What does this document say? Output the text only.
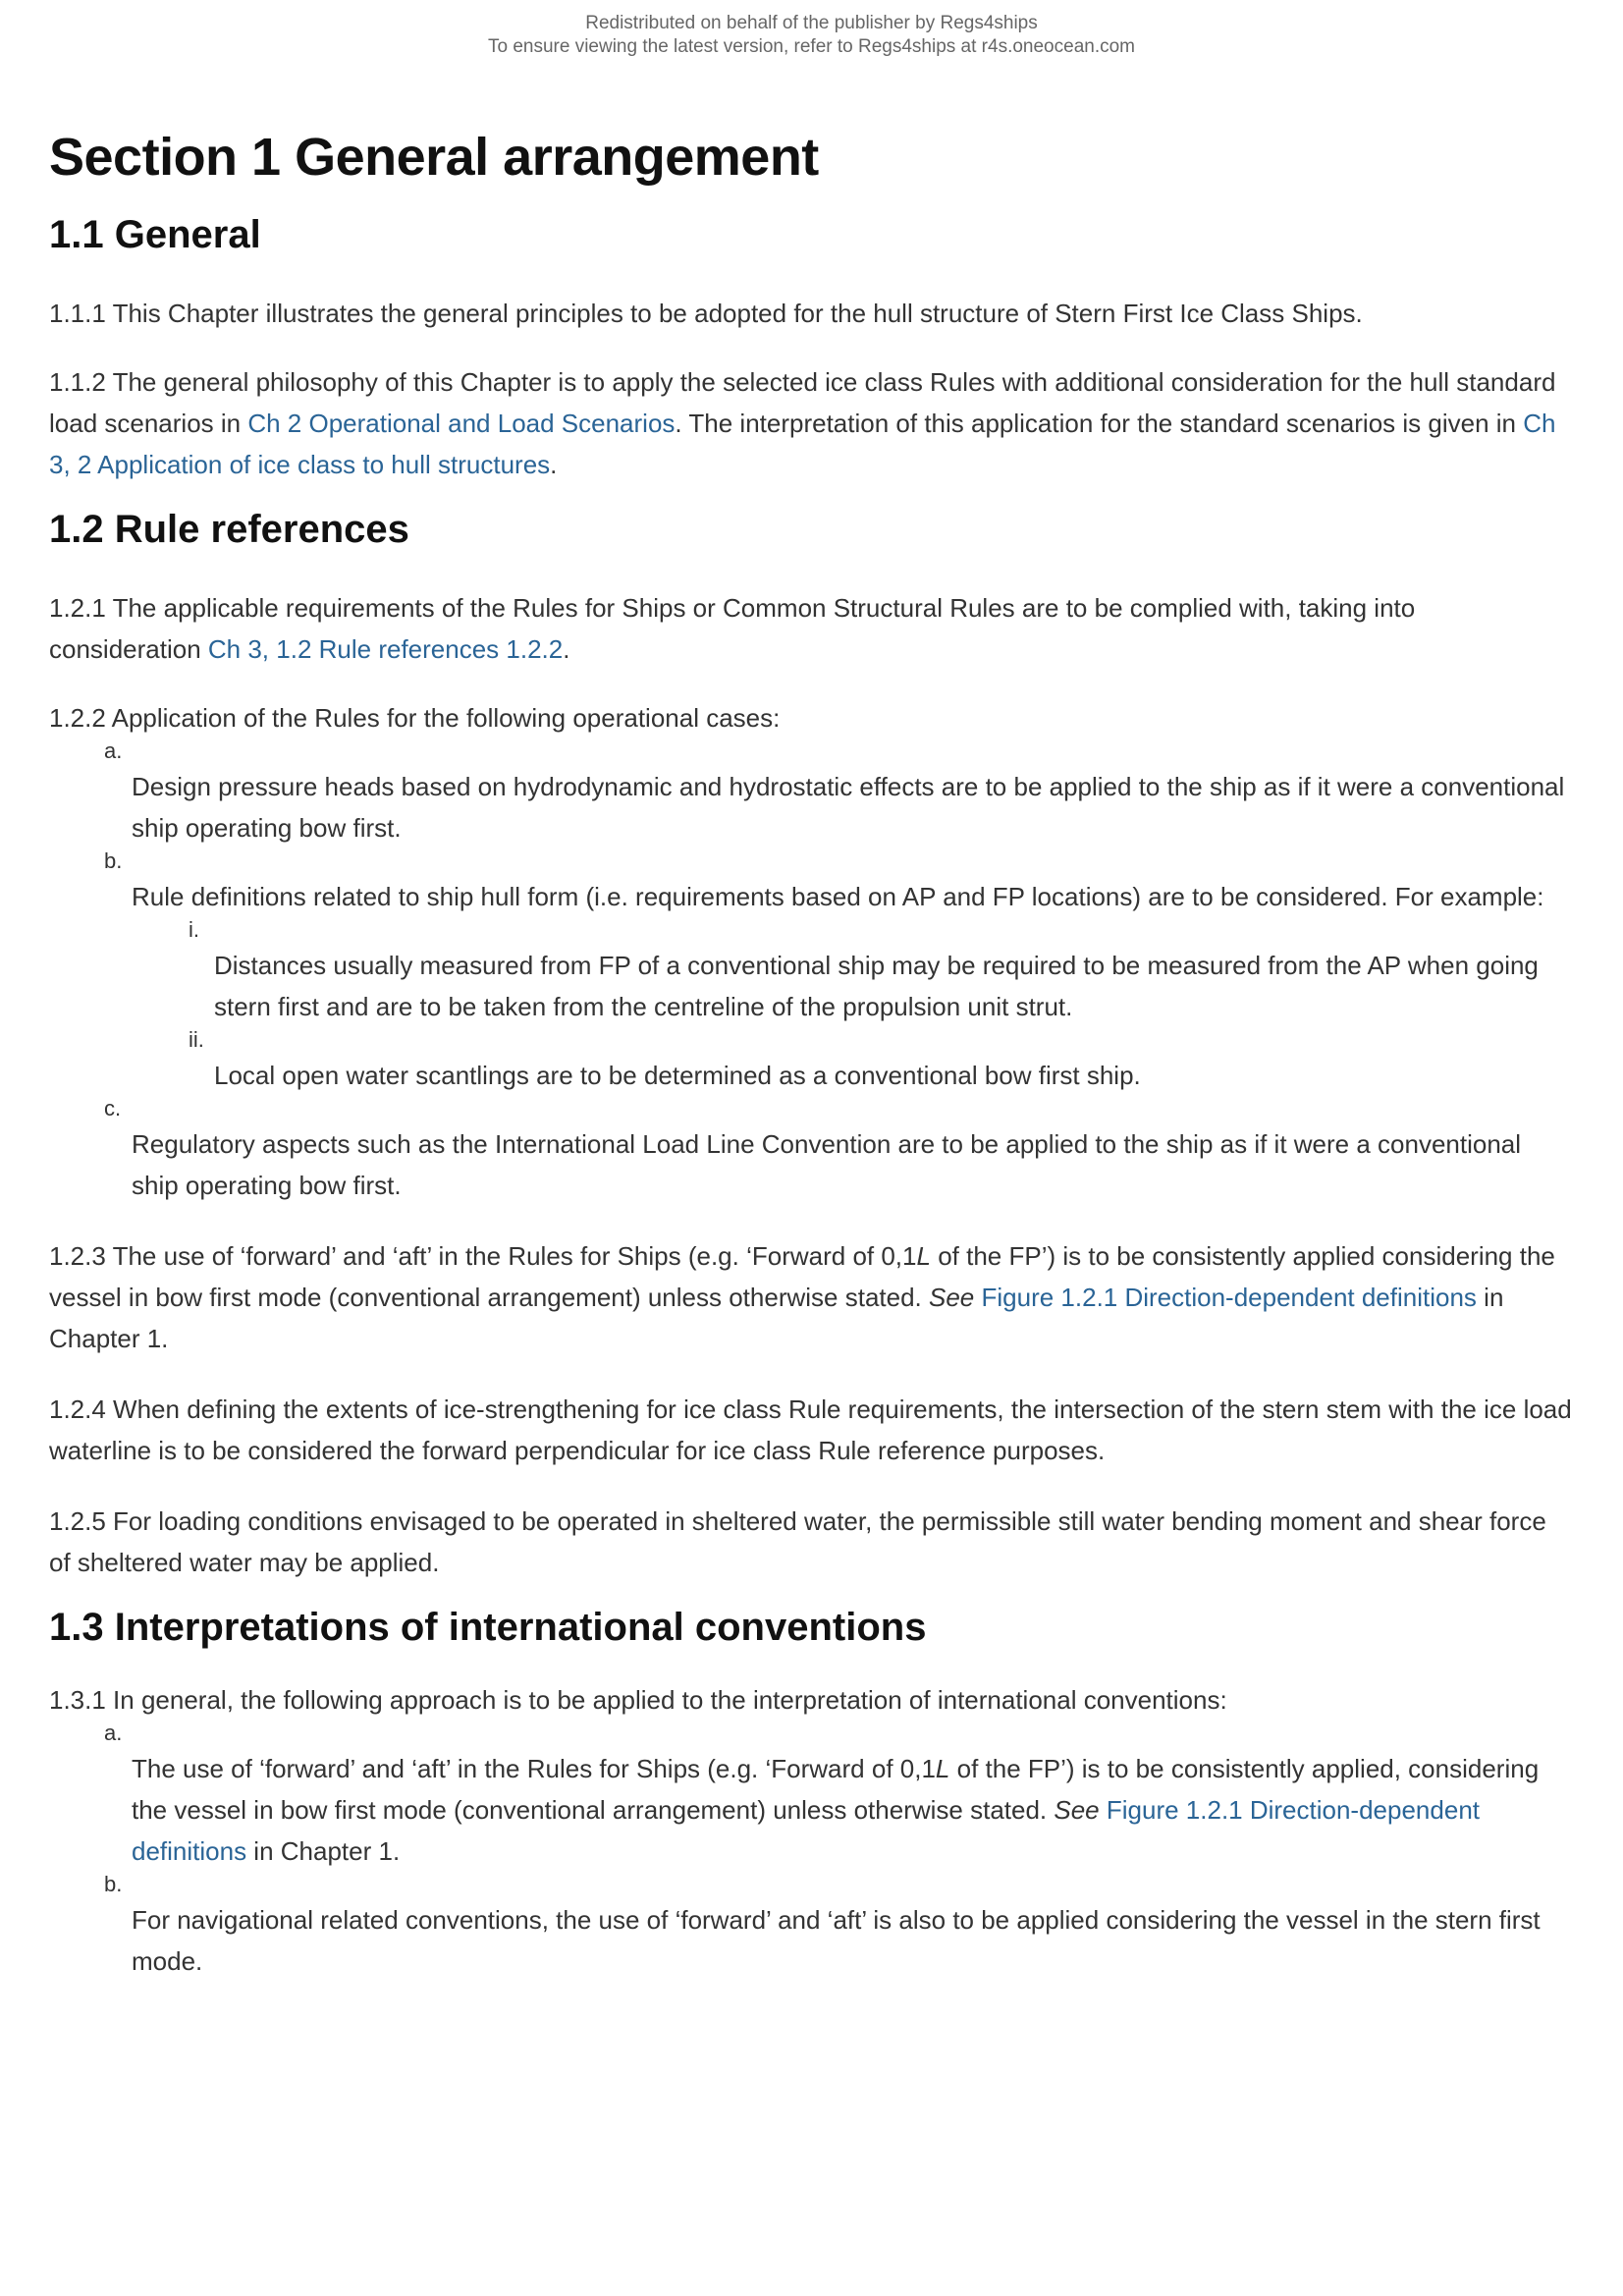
Redistributed on behalf of the publisher by Regs4ships
To ensure viewing the latest version, refer to Regs4ships at r4s.oneocean.com
Section 1 General arrangement
1.1 General

1.1.1 This Chapter illustrates the general principles to be adopted for the hull structure of Stern First Ice Class Ships.

1.1.2 The general philosophy of this Chapter is to apply the selected ice class Rules with additional consideration for the hull standard load scenarios in Ch 2 Operational and Load Scenarios. The interpretation of this application for the standard scenarios is given in Ch 3, 2 Application of ice class to hull structures.

1.2 Rule references

1.2.1 The applicable requirements of the Rules for Ships or Common Structural Rules are to be complied with, taking into consideration Ch 3, 1.2 Rule references 1.2.2.

1.2.2 Application of the Rules for the following operational cases:

a.
Design pressure heads based on hydrodynamic and hydrostatic effects are to be applied to the ship as if it were a conventional ship operating bow first.
b.
Rule definitions related to ship hull form (i.e. requirements based on AP and FP locations) are to be considered. For example:
i.
Distances usually measured from FP of a conventional ship may be required to be measured from the AP when going stern first and are to be taken from the centreline of the propulsion unit strut.
ii.
Local open water scantlings are to be determined as a conventional bow first ship.
c.
Regulatory aspects such as the International Load Line Convention are to be applied to the ship as if it were a conventional ship operating bow first.

1.2.3 The use of ‘forward’ and ‘aft’ in the Rules for Ships (e.g. ‘Forward of 0,1L of the FP’) is to be consistently applied considering the vessel in bow first mode (conventional arrangement) unless otherwise stated. See Figure 1.2.1 Direction-dependent definitions in Chapter 1.

1.2.4 When defining the extents of ice-strengthening for ice class Rule requirements, the intersection of the stern stem with the ice load waterline is to be considered the forward perpendicular for ice class Rule reference purposes.

1.2.5 For loading conditions envisaged to be operated in sheltered water, the permissible still water bending moment and shear force of sheltered water may be applied.

1.3 Interpretations of international conventions

1.3.1 In general, the following approach is to be applied to the interpretation of international conventions:

a.
The use of ‘forward’ and ‘aft’ in the Rules for Ships (e.g. ‘Forward of 0,1L of the FP’) is to be consistently applied, considering the vessel in bow first mode (conventional arrangement) unless otherwise stated. See Figure 1.2.1 Direction-dependent definitions in Chapter 1.
b.
For navigational related conventions, the use of ‘forward’ and ‘aft’ is also to be applied considering the vessel in the stern first mode.
